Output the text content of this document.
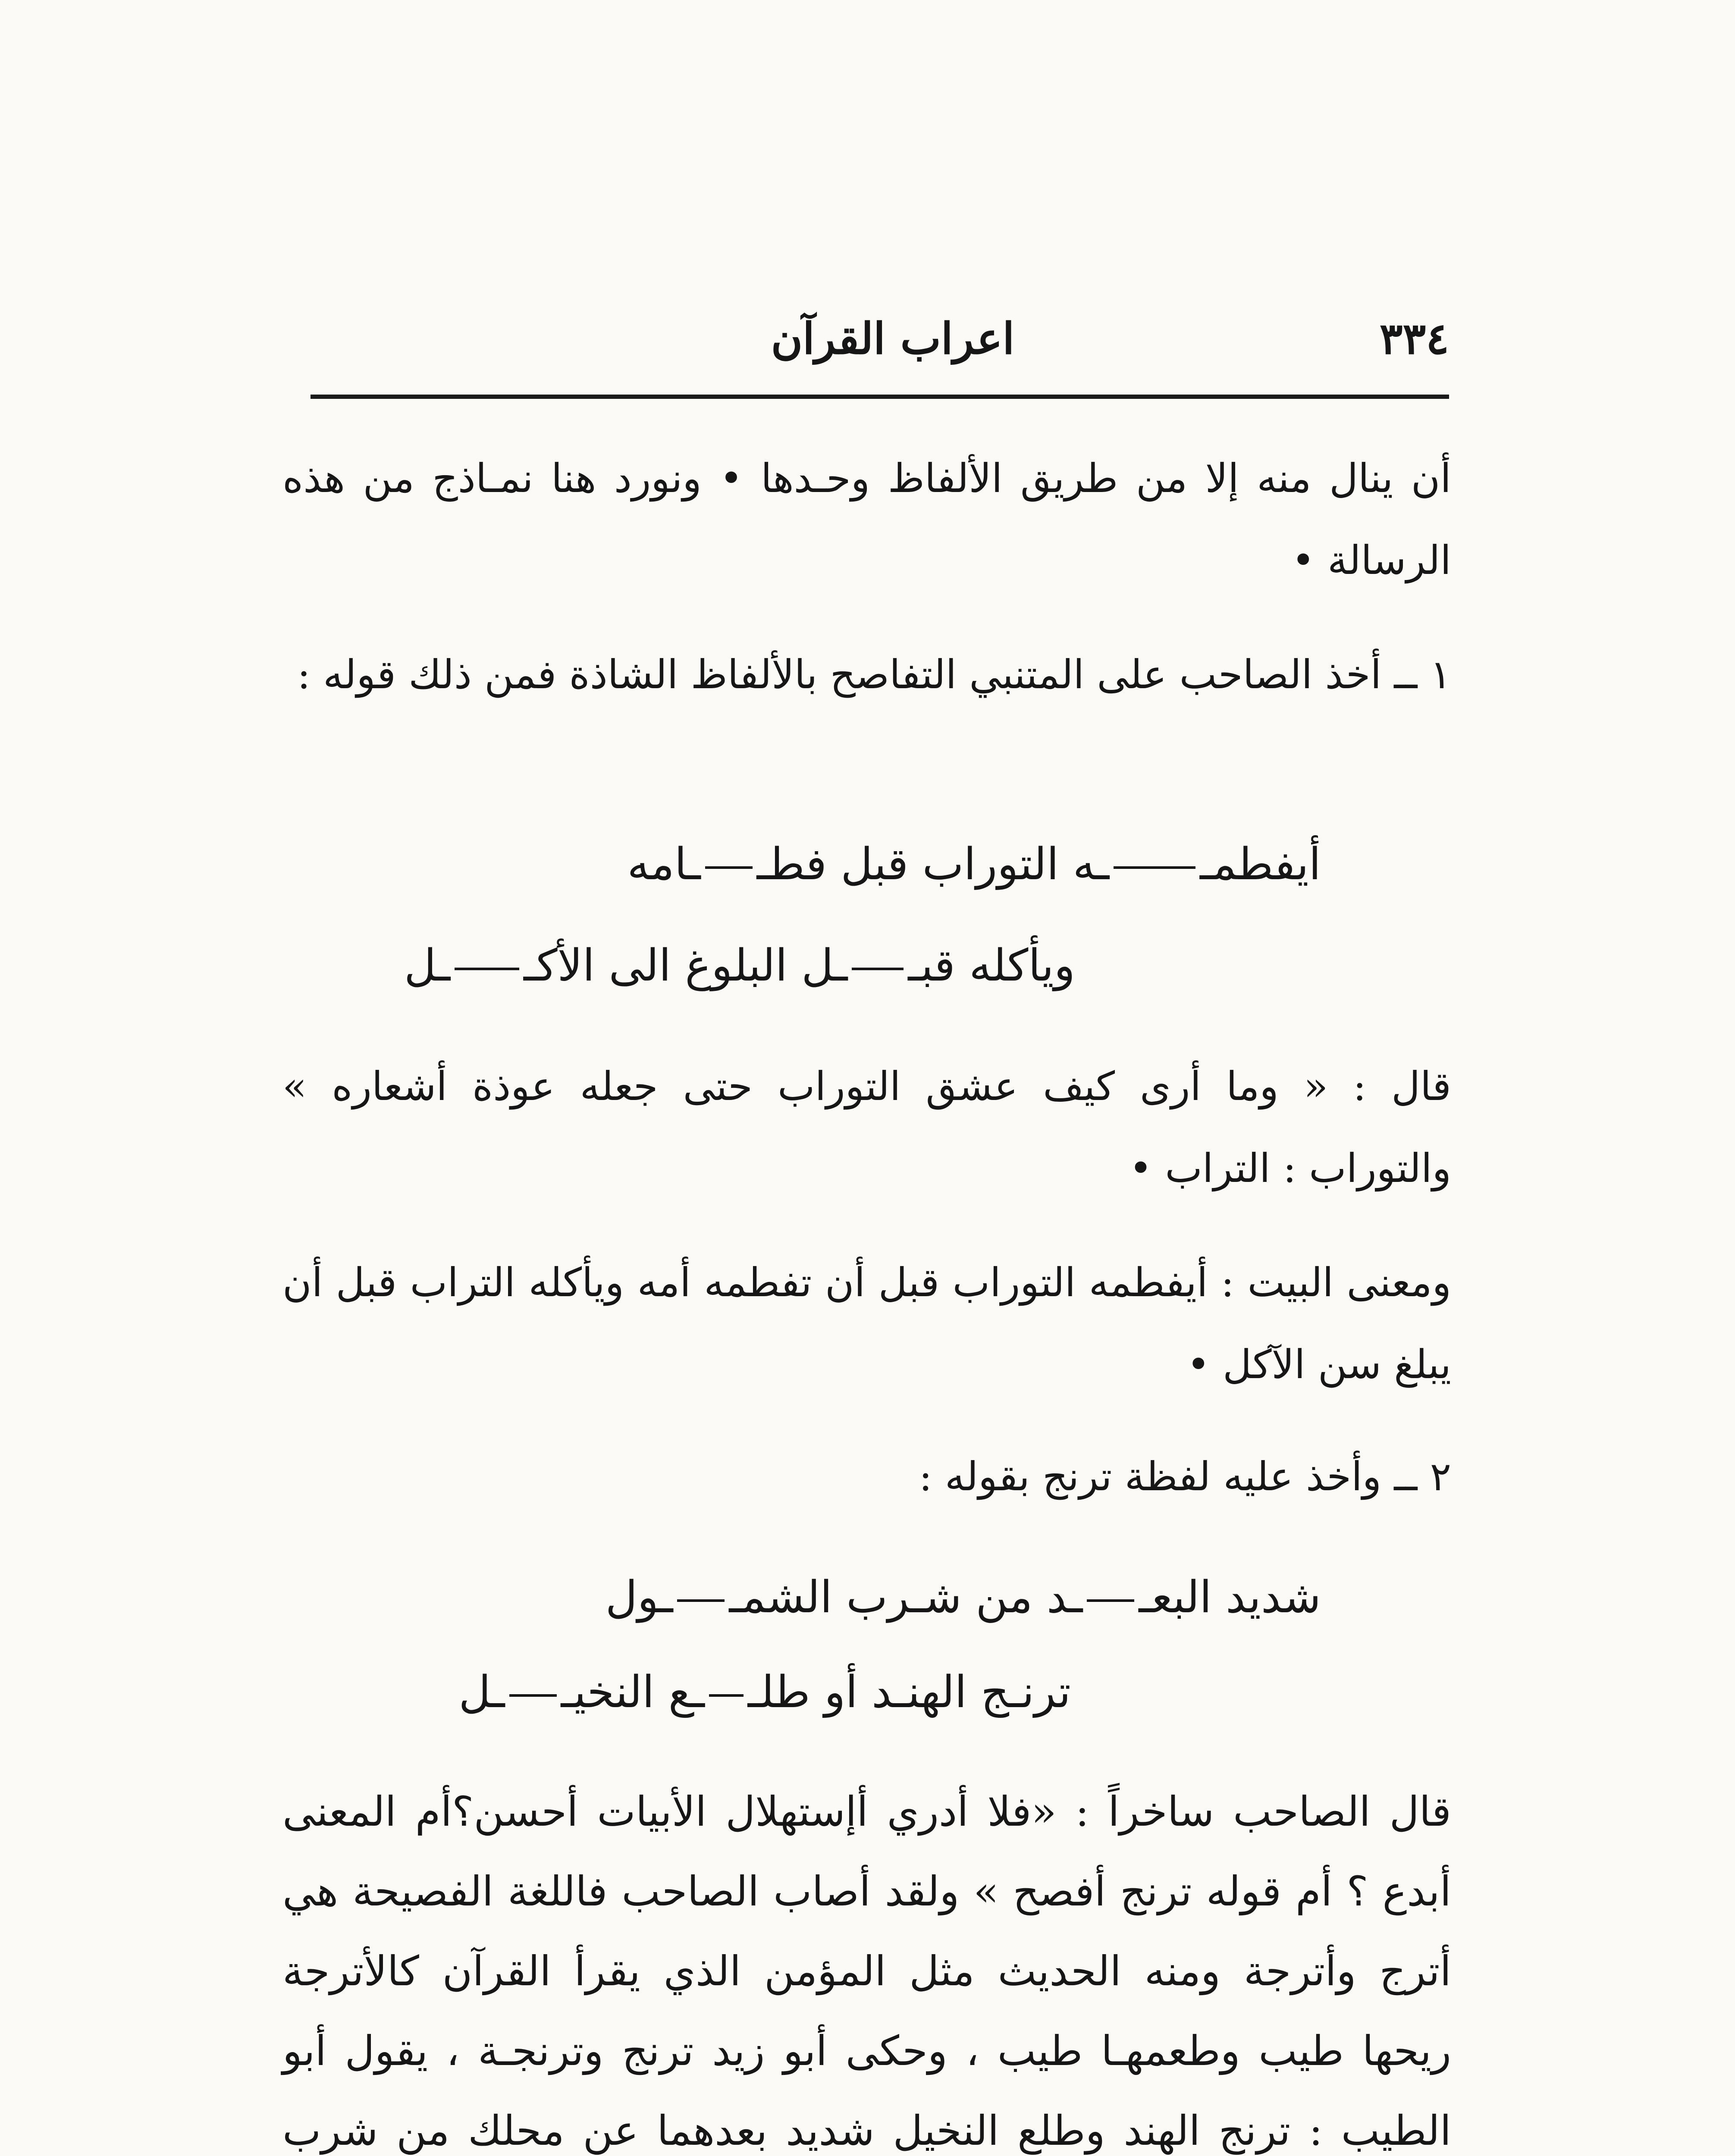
٣٣٤
اعراب القرآن

أن ينال منه إلا من طريق الألفاظ وحـدها • ونورد هنا نمـاذج من هذه الرسالة •

١ ــ أخذ الصاحب على المتنبي التفاصح بالألفاظ الشاذة فمن ذلك قوله :

أيفطمــه التوراب قبل فطــامه
ويأكله قبــل البلوغ الى الأكــل

قال : « وما أرى كيف عشق التوراب حتى جعله عوذة أشعاره » والتوراب : التراب •

ومعنى البيت : أيفطمه التوراب قبل أن تفطمه أمه ويأكله التراب قبل أن يبلغ سن الآكل •

٢ ــ وأخذ عليه لفظة ترنج بقوله :

شديد البعــد من شـرب الشمــول
ترنـج الهنـد أو طلــع النخيــل

قال الصاحب ساخراً : «فلا أدري أإستهلال الأبيات أحسن؟أم المعنى أبدع ؟ أم قوله ترنج أفصح » ولقد أصاب الصاحب فاللغة الفصيحة هي أترج وأترجة ومنه الحديث مثل المؤمن الذي يقرأ القرآن كالأترجة ريحها طيب وطعمهـا طيب ، وحكى أبو زيد ترنج وترنجـة ، يقول أبو الطيب : ترنج الهند وطلع النخيل شديد بعدهما عن محلك من شرب
